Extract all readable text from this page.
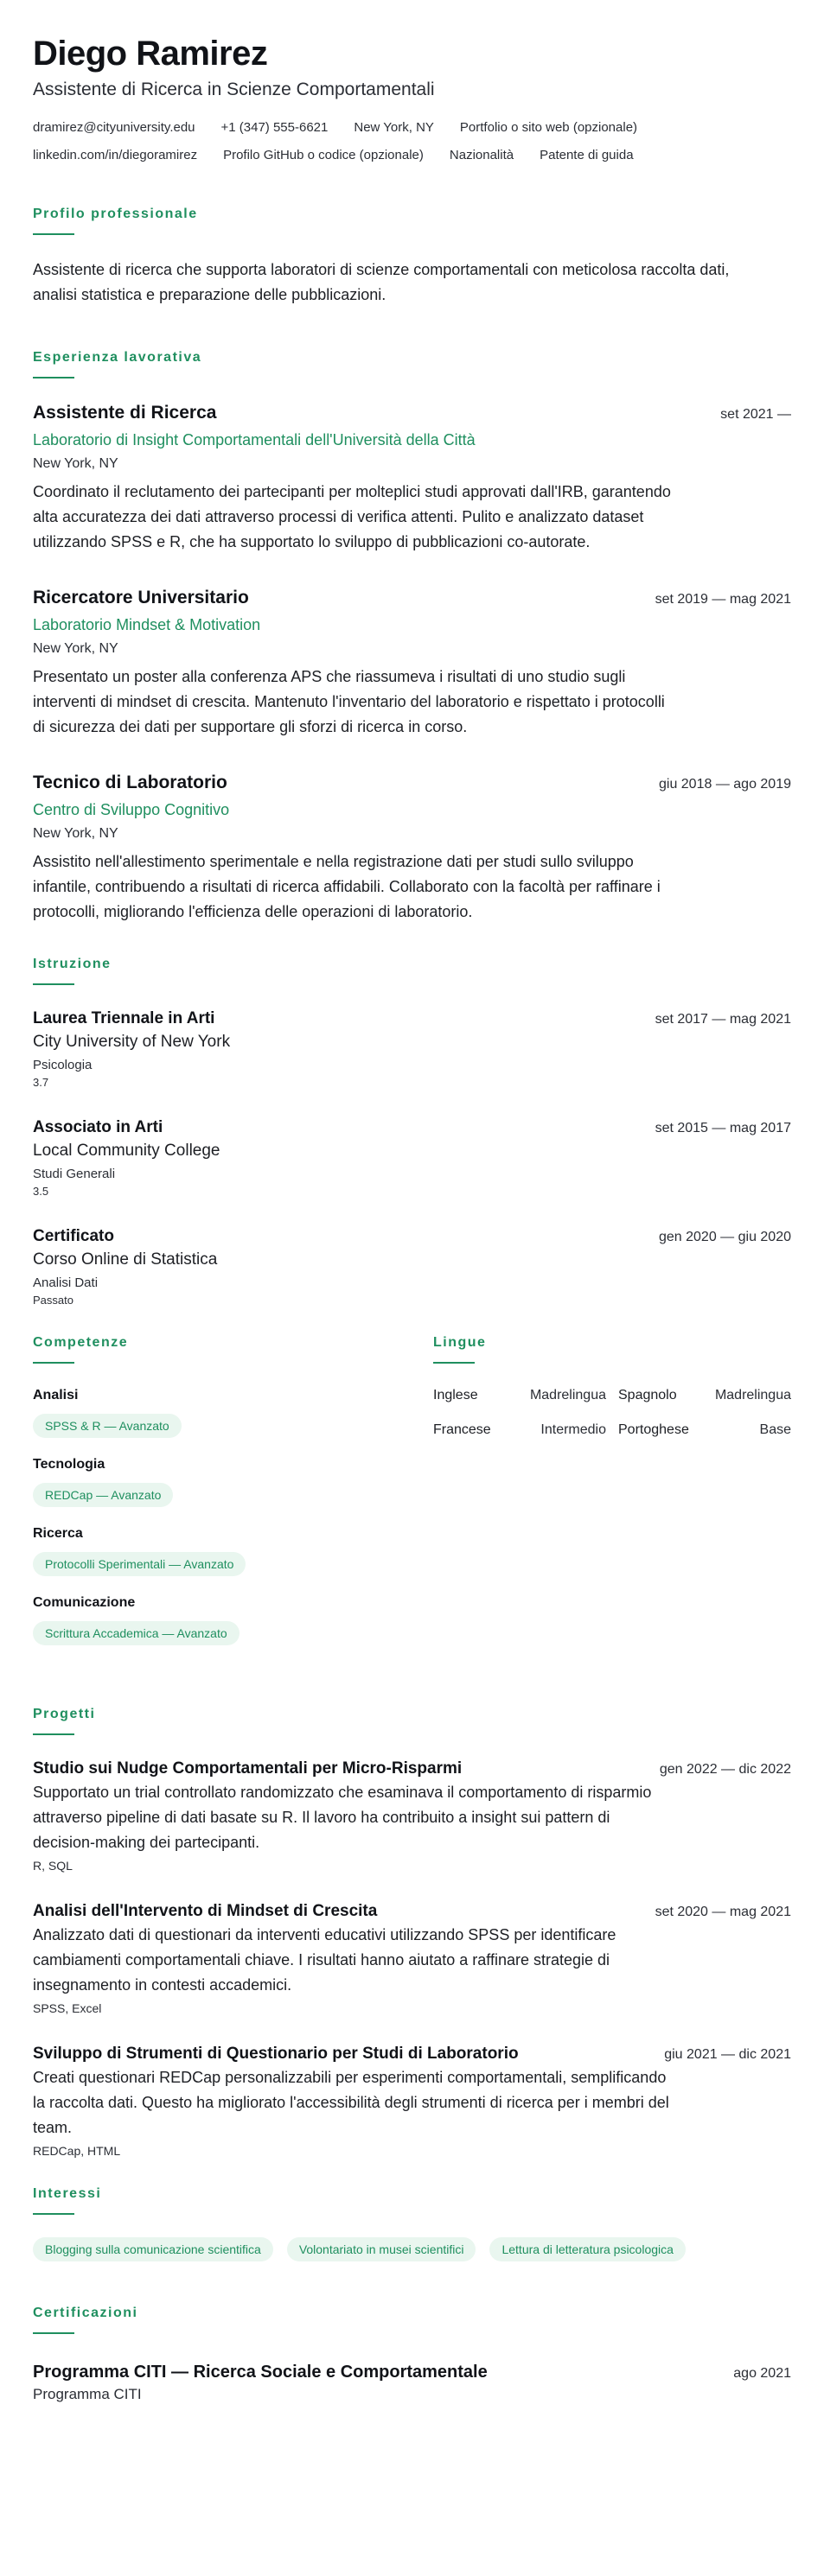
Diego Ramirez
Assistente di Ricerca in Scienze Comportamentali
dramirez@cityuniversity.edu +1 (347) 555-6621 New York, NY Portfolio o sito web (opzionale)
linkedin.com/in/diegoramirez Profilo GitHub o codice (opzionale) Nazionalità Patente di guida
Profilo professionale

Assistente di ricerca che supporta laboratori di scienze comportamentali con meticolosa raccolta dati, analisi statistica e preparazione delle pubblicazioni.

Esperienza lavorativa
Assistente di Ricerca	set 2021 —
Laboratorio di Insight Comportamentali dell'Università della Città
New York, NY

Coordinato il reclutamento dei partecipanti per molteplici studi approvati dall'IRB, garantendo alta accuratezza dei dati attraverso processi di verifica attenti. Pulito e analizzato dataset utilizzando SPSS e R, che ha supportato lo sviluppo di pubblicazioni co-autorate.

Ricercatore Universitario	set 2019 — mag 2021
Laboratorio Mindset & Motivation
New York, NY

Presentato un poster alla conferenza APS che riassumeva i risultati di uno studio sugli interventi di mindset di crescita. Mantenuto l'inventario del laboratorio e rispettato i protocolli di sicurezza dei dati per supportare gli sforzi di ricerca in corso.

Tecnico di Laboratorio	giu 2018 — ago 2019
Centro di Sviluppo Cognitivo
New York, NY

Assistito nell'allestimento sperimentale e nella registrazione dati per studi sullo sviluppo infantile, contribuendo a risultati di ricerca affidabili. Collaborato con la facoltà per raffinare i protocolli, migliorando l'efficienza delle operazioni di laboratorio.

Istruzione
Laurea Triennale in Arti	set 2017 — mag 2021
City University of New York
Psicologia
3.7
Associato in Arti	set 2015 — mag 2017
Local Community College
Studi Generali
3.5
Certificato	gen 2020 — giu 2020
Corso Online di Statistica
Analisi Dati
Passato
Competenze
Analisi
SPSS & R — Avanzato
Tecnologia
REDCap — Avanzato
Ricerca
Protocolli Sperimentali — Avanzato
Comunicazione
Scrittura Accademica — Avanzato
Lingue
Inglese	Madrelingua Spagnolo	Madrelingua
Francese	Intermedio Portoghese	Base
Progetti
Studio sui Nudge Comportamentali per Micro-Risparmi	gen 2022 — dic 2022

Supportato un trial controllato randomizzato che esaminava il comportamento di risparmio attraverso pipeline di dati basate su R. Il lavoro ha contribuito a insight sui pattern di decision-making dei partecipanti.

R, SQL
Analisi dell'Intervento di Mindset di Crescita	set 2020 — mag 2021

Analizzato dati di questionari da interventi educativi utilizzando SPSS per identificare cambiamenti comportamentali chiave. I risultati hanno aiutato a raffinare strategie di insegnamento in contesti accademici.

SPSS, Excel
Sviluppo di Strumenti di Questionario per Studi di Laboratorio	giu 2021 — dic 2021

Creati questionari REDCap personalizzabili per esperimenti comportamentali, semplificando la raccolta dati. Questo ha migliorato l'accessibilità degli strumenti di ricerca per i membri del team.

REDCap, HTML
Interessi
Blogging sulla comunicazione scientifica	Volontariato in musei scientifici	Lettura di letteratura psicologica
Certificazioni
Programma CITI — Ricerca Sociale e Comportamentale	ago 2021
Programma CITI
